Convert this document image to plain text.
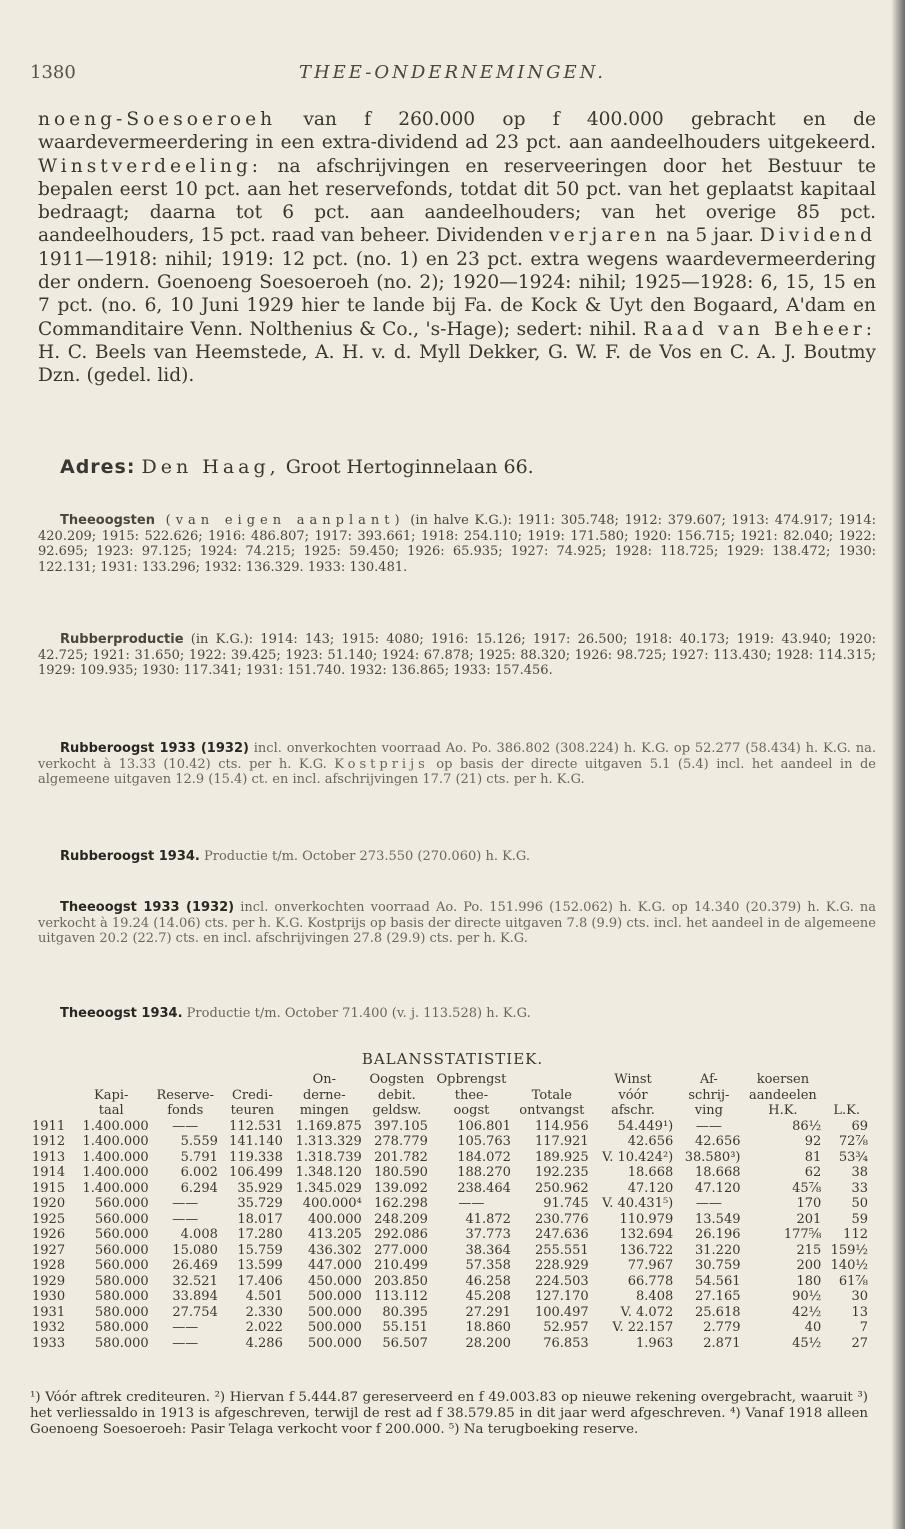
1380	THEE-ONDERNEMINGEN.
noeng-Soesoeroeh van f 260.000 op f 400.000 gebracht en de waardevermeerdering in een extra-dividend ad 23 pct. aan aandeelhouders uitgekeerd. Winstverdeeling: na afschrijvingen en reserveeringen door het Bestuur te bepalen eerst 10 pct. aan het reservefonds, totdat dit 50 pct. van het geplaatst kapitaal bedraagt; daarna tot 6 pct. aan aandeelhouders; van het overige 85 pct. aandeelhouders, 15 pct. raad van beheer. Dividenden verjaren na 5 jaar. Dividend 1911—1918: nihil; 1919: 12 pct. (no. 1) en 23 pct. extra wegens waardevermeerdering der ondern. Goenoeng Soesoeroeh (no. 2); 1920—1924: nihil; 1925—1928: 6, 15, 15 en 7 pct. (no. 6, 10 Juni 1929 hier te lande bij Fa. de Kock & Uyt den Bogaard, A'dam en Commanditaire Venn. Nolthenius & Co., 's-Hage); sedert: nihil. Raad van Beheer: H. C. Beels van Heemstede, A. H. v. d. Myll Dekker, G. W. F. de Vos en C. A. J. Boutmy Dzn. (gedel. lid).
Adres: Den Haag, Groot Hertoginnelaan 66.
Theeoogsten (van eigen aanplant) (in halve K.G.): 1911: 305.748; 1912: 379.607; 1913: 474.917; 1914: 420.209; 1915: 522.626; 1916: 486.807; 1917: 393.661; 1918: 254.110; 1919: 171.580; 1920: 156.715; 1921: 82.040; 1922: 92.695; 1923: 97.125; 1924: 74.215; 1925: 59.450; 1926: 65.935; 1927: 74.925; 1928: 118.725; 1929: 138.472; 1930: 122.131; 1931: 133.296; 1932: 136.329. 1933: 130.481.
Rubberproductie (in K.G.): 1914: 143; 1915: 4080; 1916: 15.126; 1917: 26.500; 1918: 40.173; 1919: 43.940; 1920: 42.725; 1921: 31.650; 1922: 39.425; 1923: 51.140; 1924: 67.878; 1925: 88.320; 1926: 98.725; 1927: 113.430; 1928: 114.315; 1929: 109.935; 1930: 117.341; 1931: 151.740. 1932: 136.865; 1933: 157.456.
Rubberoogst 1933 (1932) incl. onverkochten voorraad Ao. Po. 386.802 (308.224) h. K.G. op 52.277 (58.434) h. K.G. na. verkocht à 13.33 (10.42) cts. per h. K.G. Kostprijs op basis der directe uitgaven 5.1 (5.4) incl. het aandeel in de algemeene uitgaven 12.9 (15.4) ct. en incl. afschrijvingen 17.7 (21) cts. per h. K.G.
Rubberoogst 1934. Productie t/m. October 273.550 (270.060) h. K.G.
Theeoogst 1933 (1932) incl. onverkochten voorraad Ao. Po. 151.996 (152.062) h. K.G. op 14.340 (20.379) h. K.G. na verkocht à 19.24 (14.06) cts. per h. K.G. Kostprijs op basis der directe uitgaven 7.8 (9.9) cts. incl. het aandeel in de algemeene uitgaven 20.2 (22.7) cts. en incl. afschrijvingen 27.8 (29.9) cts. per h. K.G.
Theeoogst 1934. Productie t/m. October 71.400 (v. j. 113.528) h. K.G.
BALANSSTATISTIEK.
				On-	Oogsten	Opbrengst		Winst	Af-	koersen	
	Kapi-	Reserve-	Credi-	derne-	debit.	thee-	Totale	vóór	schrij-	aandeelen	
	taal	fonds	teuren	mingen	geldsw.	oogst	ontvangst	afschr.	ving	H.K.	L.K.
1911	1.400.000	——	112.531	1.169.875	397.105	106.801	114.956	54.449¹)	——	86½	69
1912	1.400.000	5.559	141.140	1.313.329	278.779	105.763	117.921	42.656	42.656	92	72⅞
1913	1.400.000	5.791	119.338	1.318.739	201.782	184.072	189.925	V. 10.424²)	38.580³)	81	53¾
1914	1.400.000	6.002	106.499	1.348.120	180.590	188.270	192.235	18.668	18.668	62	38
1915	1.400.000	6.294	35.929	1.345.029	139.092	238.464	250.962	47.120	47.120	45⅞	33
1920	560.000	——	35.729	400.000⁴	162.298	——	91.745	V. 40.431⁵)	——	170	50
1925	560.000	——	18.017	400.000	248.209	41.872	230.776	110.979	13.549	201	59
1926	560.000	4.008	17.280	413.205	292.086	37.773	247.636	132.694	26.196	177⅝	112
1927	560.000	15.080	15.759	436.302	277.000	38.364	255.551	136.722	31.220	215	159½
1928	560.000	26.469	13.599	447.000	210.499	57.358	228.929	77.967	30.759	200	140½
1929	580.000	32.521	17.406	450.000	203.850	46.258	224.503	66.778	54.561	180	61⅞
1930	580.000	33.894	4.501	500.000	113.112	45.208	127.170	8.408	27.165	90½	30
1931	580.000	27.754	2.330	500.000	80.395	27.291	100.497	V. 4.072	25.618	42½	13
1932	580.000	——	2.022	500.000	55.151	18.860	52.957	V. 22.157	2.779	40	7
1933	580.000	——	4.286	500.000	56.507	28.200	76.853	1.963	2.871	45½	27
¹) Vóór aftrek crediteuren. ²) Hiervan f 5.444.87 gereserveerd en f 49.003.83 op nieuwe rekening overgebracht, waaruit ³) het verliessaldo in 1913 is afgeschreven, terwijl de rest ad f 38.579.85 in dit jaar werd afgeschreven. ⁴) Vanaf 1918 alleen Goenoeng Soesoeroeh: Pasir Telaga verkocht voor f 200.000. ⁵) Na terugboeking reserve.
